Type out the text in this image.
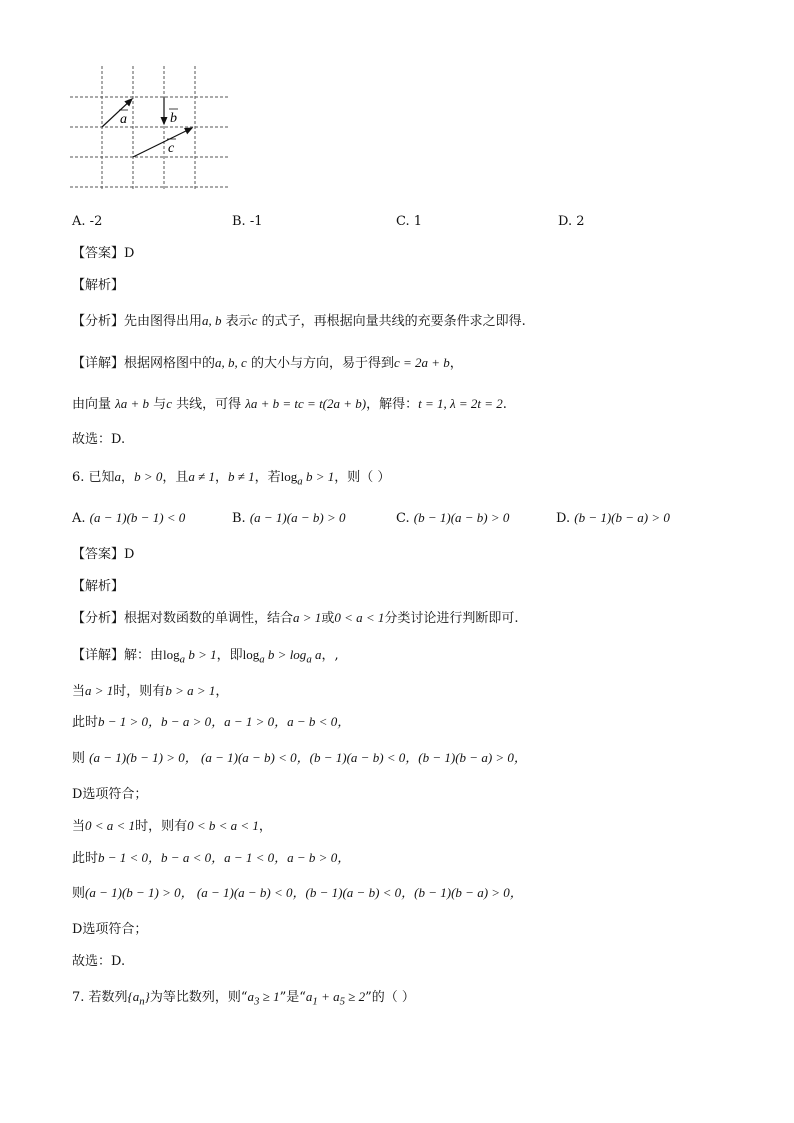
a	b
c
A. -2	B. -1	C. 1	D. 2
【答案】D
【解析】
【分析】先由图得出用a, b 表示c 的式子，再根据向量共线的充要条件求之即得.
【详解】根据网格图中的a, b, c 的大小与方向，易于得到c = 2a + b，
由向量 λa + b 与c 共线，可得 λa + b = tc = t(2a + b)，解得：t = 1, λ = 2t = 2.
故选：D.
6. 已知a，b > 0，且a ≠ 1，b ≠ 1，若$\log_a b > 1$，则（ ）
A. (a − 1)(b − 1) < 0	B. (a − 1)(a − b) > 0	C. (b − 1)(a − b) > 0	D. (b − 1)(b − a) > 0
【答案】D
【解析】
【分析】根据对数函数的单调性，结合a > 1或0 < a < 1分类讨论进行判断即可.
【详解】解：由$\log_a b > 1$，即$\log_a b > \log_a a$，,
当a > 1时，则有b > a > 1，
此时b − 1 > 0，b − a > 0，a − 1 > 0，a − b < 0，
则 (a − 1)(b − 1) > 0， (a − 1)(a − b) < 0，(b − 1)(a − b) < 0，(b − 1)(b − a) > 0，
D选项符合；
当0 < a < 1时，则有0 < b < a < 1，
此时b − 1 < 0，b − a < 0，a − 1 < 0，a − b > 0，
则(a − 1)(b − 1) > 0， (a − 1)(a − b) < 0，(b − 1)(a − b) < 0，(b − 1)(b − a) > 0，
D选项符合；
故选：D.
7. 若数列$\{a_n\}$为等比数列，则“$a_3 \ge 1$”是“$a_1 + a_5 \ge 2$”的（ ）
